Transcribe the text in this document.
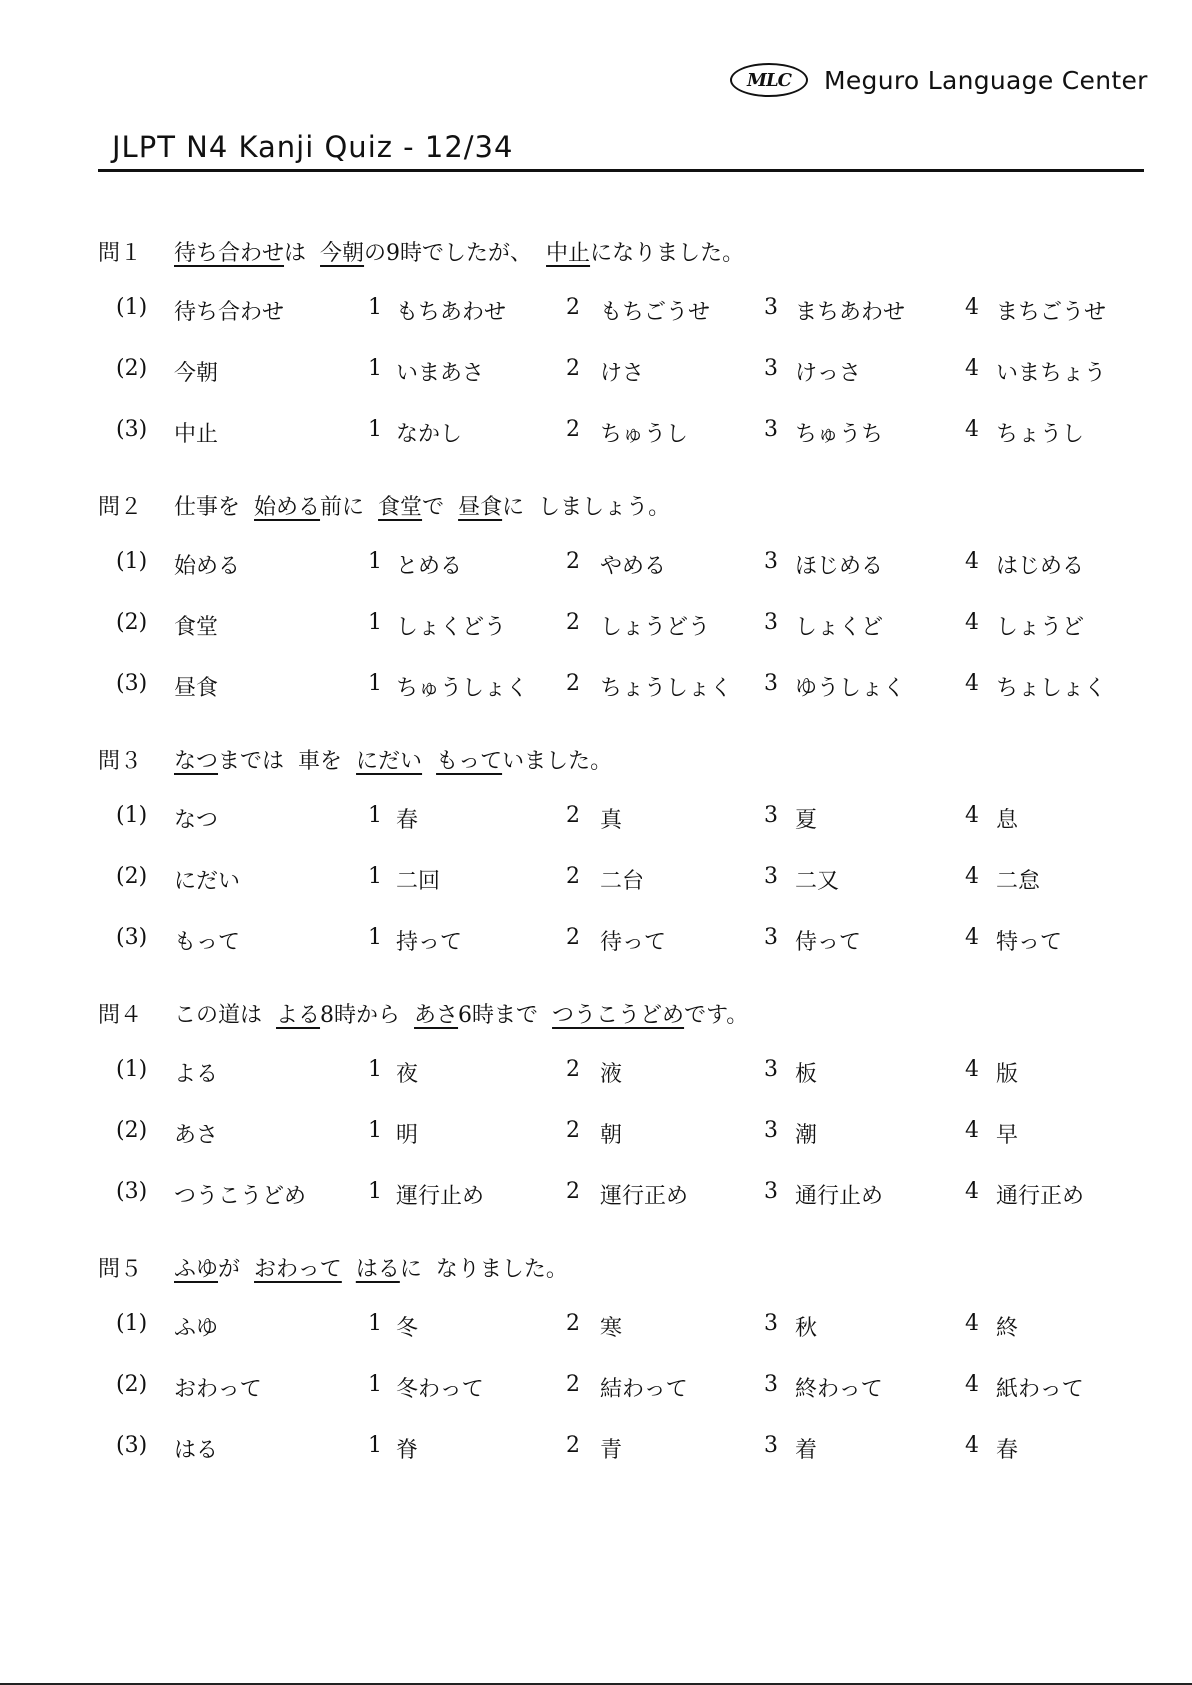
MLC	Meguro Language Center
JLPT N4 Kanji Quiz - 12/34
問１	待ち合わせ は 今朝 の9時でしたが、 中止 になりました。
(1) 待ち合わせ	1 もちあわせ	2 もちごうせ 3 まちあわせ	4 まちごうせ
(2) 今朝	1 いまあさ	2 けさ	3 けっさ	4 いまちょう
(3) 中止	1 なかし	2 ちゅうし	3 ちゅうち	4 ちょうし
問２	仕事を 始める 前に 食堂 で 昼食 に しましょう。
(1) 始める	1 とめる	2 やめる	3 ほじめる	4 はじめる
(2) 食堂	1 しょくどう	2 しょうどう 3 しょくど	4 しょうど
(3) 昼食	1 ちゅうしょく 2 ちょうしょく 3 ゆうしょく	4 ちょしょく
問３	なつ までは 車を にだい もって いました。
(1) なつ	1 春	2 真	3 夏	4 息
(2) にだい	1 二回	2 二台	3 二又	4 二怠
(3) もって	1 持って	2 待って	3 侍って	4 特って
問４	この道は よる 8時から あさ 6時まで つうこうどめ です。
(1) よる	1 夜	2 液	3 板	4 版
(2) あさ	1 明	2 朝	3 潮	4 早
(3) つうこうどめ	1 運行止め	2 運行正め	3 通行止め	4 通行正め
問５	ふゆ が おわって はる に なりました。
(1) ふゆ	1 冬	2 寒	3 秋	4 終
(2) おわって	1 冬わって	2 結わって	3 終わって	4 紙わって
(3) はる	1 脊	2 青	3 着	4 春
